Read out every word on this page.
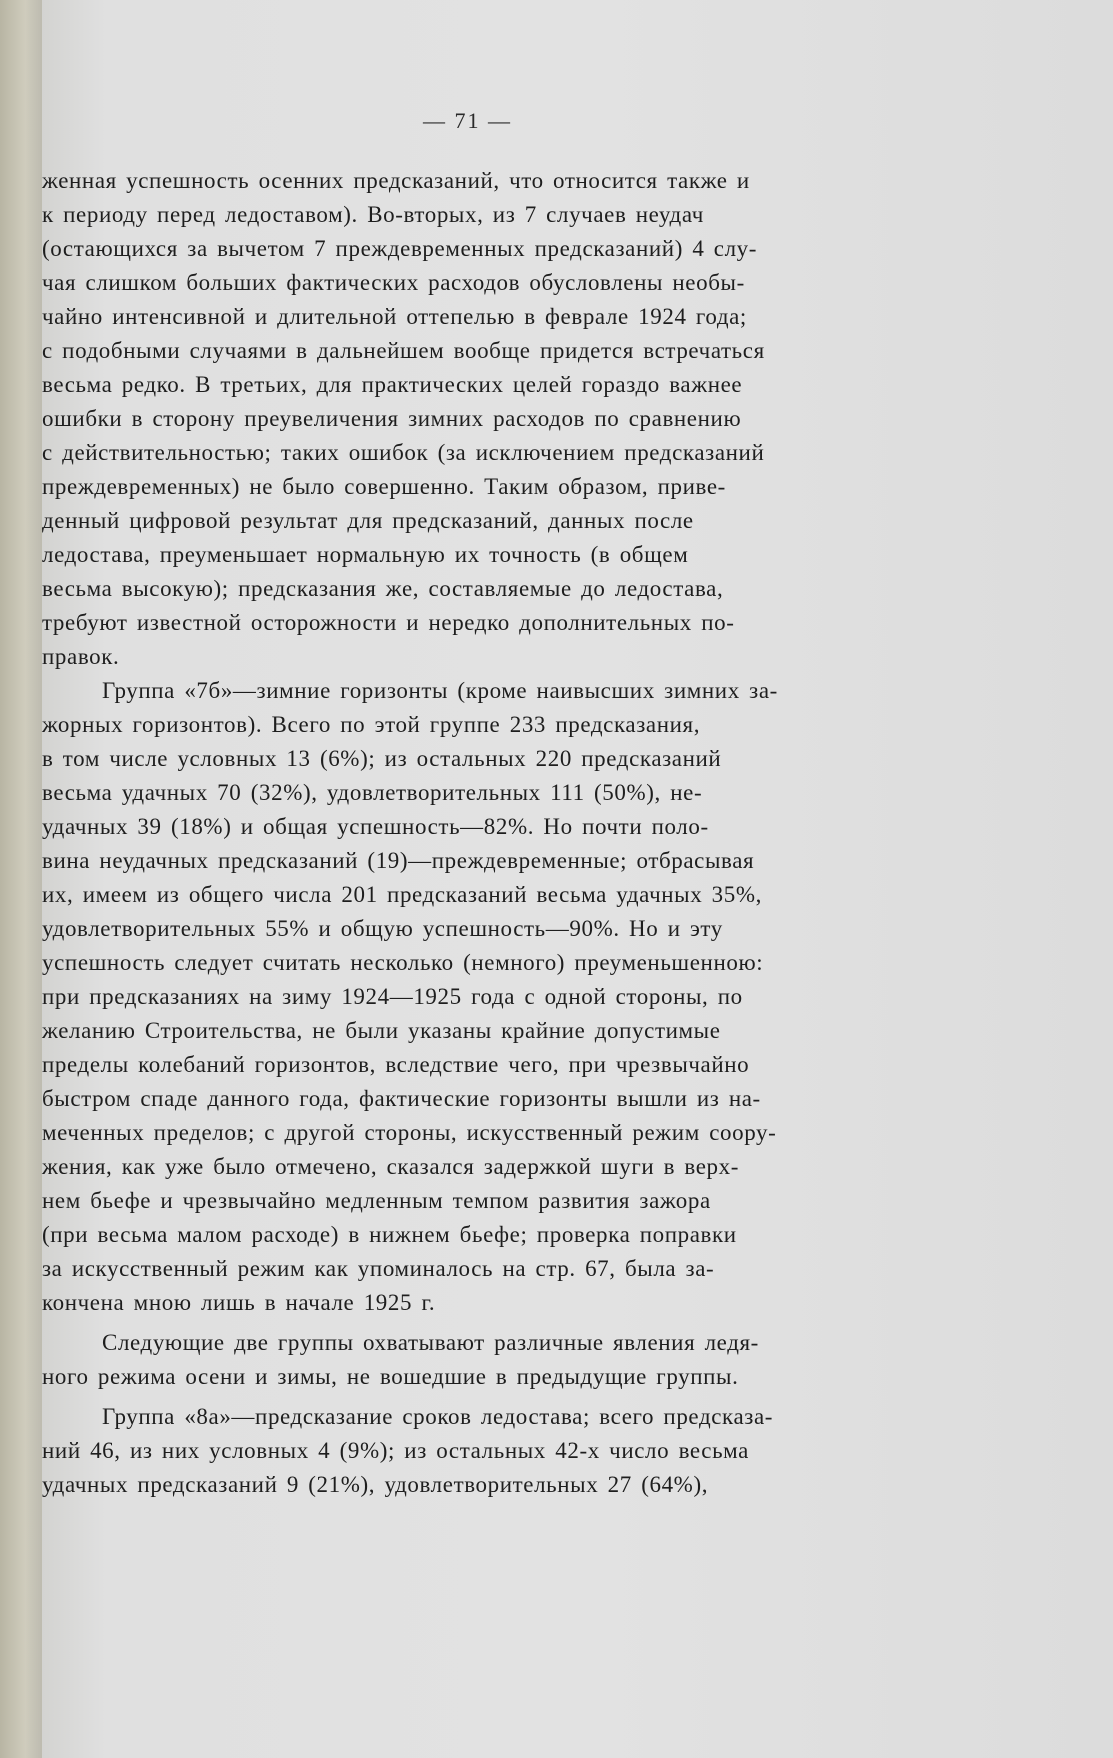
— 71 —
женная успешность осенних предсказаний, что относится также и
к периоду перед ледоставом). Во-вторых, из 7 случаев неудач
(остающихся за вычетом 7 преждевременных предсказаний) 4 слу-
чая слишком больших фактических расходов обусловлены необы-
чайно интенсивной и длительной оттепелью в феврале 1924 года;
с подобными случаями в дальнейшем вообще придется встречаться
весьма редко. В третьих, для практических целей гораздо важнее
ошибки в сторону преувеличения зимних расходов по сравнению
с действительностью; таких ошибок (за исключением предсказаний
преждевременных) не было совершенно. Таким образом, приве-
денный цифровой результат для предсказаний, данных после
ледостава, преуменьшает нормальную их точность (в общем
весьма высокую); предсказания же, составляемые до ледостава,
требуют известной осторожности и нередко дополнительных по-
правок.
Группа «7б»—зимние горизонты (кроме наивысших зимних за-
жорных горизонтов). Всего по этой группе 233 предсказания,
в том числе условных 13 (6%); из остальных 220 предсказаний
весьма удачных 70 (32%), удовлетворительных 111 (50%), не-
удачных 39 (18%) и общая успешность—82%. Но почти поло-
вина неудачных предсказаний (19)—преждевременные; отбрасывая
их, имеем из общего числа 201 предсказаний весьма удачных 35%,
удовлетворительных 55% и общую успешность—90%. Но и эту
успешность следует считать несколько (немного) преуменьшенною:
при предсказаниях на зиму 1924—1925 года с одной стороны, по
желанию Строительства, не были указаны крайние допустимые
пределы колебаний горизонтов, вследствие чего, при чрезвычайно
быстром спаде данного года, фактические горизонты вышли из на-
меченных пределов; с другой стороны, искусственный режим соору-
жения, как уже было отмечено, сказался задержкой шуги в верх-
нем бьефе и чрезвычайно медленным темпом развития зажора
(при весьма малом расходе) в нижнем бьефе; проверка поправки
за искусственный режим как упоминалось на стр. 67, была за-
кончена мною лишь в начале 1925 г.
Следующие две группы охватывают различные явления ледя-
ного режима осени и зимы, не вошедшие в предыдущие группы.
Группа «8а»—предсказание сроков ледостава; всего предсказа-
ний 46, из них условных 4 (9%); из остальных 42-х число весьма
удачных предсказаний 9 (21%), удовлетворительных 27 (64%),
